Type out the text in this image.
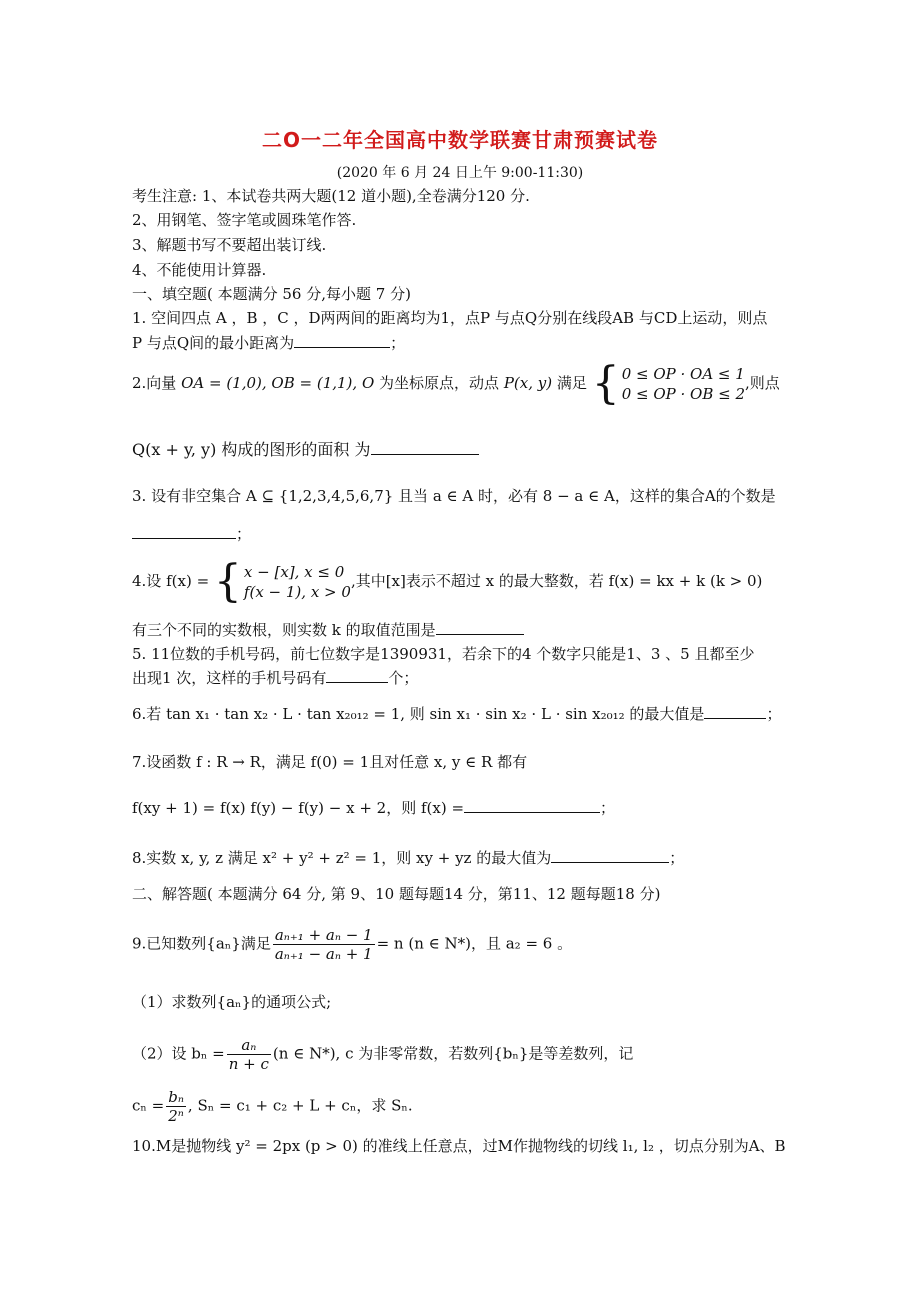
二O一二年全国高中数学联赛甘肃预赛试卷
(2020 年 6 月 24 日上午 9:00-11:30)
考生注意: 1、本试卷共两大题(12 道小题),全卷满分120 分.
2、用钢笔、签字笔或圆珠笔作答.
3、解题书写不要超出装订线.
4、不能使用计算器.
一、填空题( 本题满分 56 分,每小题 7 分)
1. 空间四点 A ，B ，C ，D两两间的距离均为1，点P 与点Q分别在线段AB 与CD上运动，则点
P 与点Q间的最小距离为	；
2.向量 OA = (1,0), OB = (1,1), O 为坐标原点，动点 P(x, y) 满足 { 0 ≤ OP · OA ≤ 1
0 ≤ OP · OB ≤ 2
,则点
Q(x + y, y) 构成的图形的面积 为
3. 设有非空集合 A ⊆ {1,2,3,4,5,6,7} 且当 a ∈ A 时，必有 8 − a ∈ A，这样的集合A的个数是
；
4.设 f(x) = { x − [x], x ≤ 0
f(x − 1), x > 0
,其中[x]表示不超过 x 的最大整数，若 f(x) = kx + k (k > 0)
有三个不同的实数根，则实数 k 的取值范围是
5. 11位数的手机号码，前七位数字是1390931，若余下的4 个数字只能是1、3 、5 且都至少
出现1 次，这样的手机号码有	个；
6.若 tan x₁ · tan x₂ · L · tan x₂₀₁₂ = 1, 则 sin x₁ · sin x₂ · L · sin x₂₀₁₂ 的最大值是	；
7.设函数 f : R → R，满足 f(0) = 1且对任意 x, y ∈ R 都有
f(xy + 1) = f(x) f(y) − f(y) − x + 2，则 f(x) =	；
8.实数 x, y, z 满足 x² + y² + z² = 1，则 xy + yz 的最大值为	；
二、解答题( 本题满分 64 分, 第 9、10 题每题14 分，第11、12 题每题18 分)
9.已知数列{aₙ}满足 $\frac{\text{aₙ₊₁ + aₙ − 1}}{\text{aₙ₊₁ − aₙ + 1}} = n$ (n ∈ N*)，且 a₂ = 6 。
（1）求数列{aₙ}的通项公式;
（2）设 $b_n = \frac{\text{aₙ}}{n + c} (n$ ∈ N*), c 为非零常数，若数列{bₙ}是等差数列，记
$c_n = \frac{\text{bₙ}}{\text{2ⁿ}}$ , Sₙ = c₁ + c₂ + L + cₙ，求 Sₙ.
10.M是抛物线 y² = 2px (p > 0) 的准线上任意点，过M作抛物线的切线 l₁, l₂ ，切点分别为A、B
